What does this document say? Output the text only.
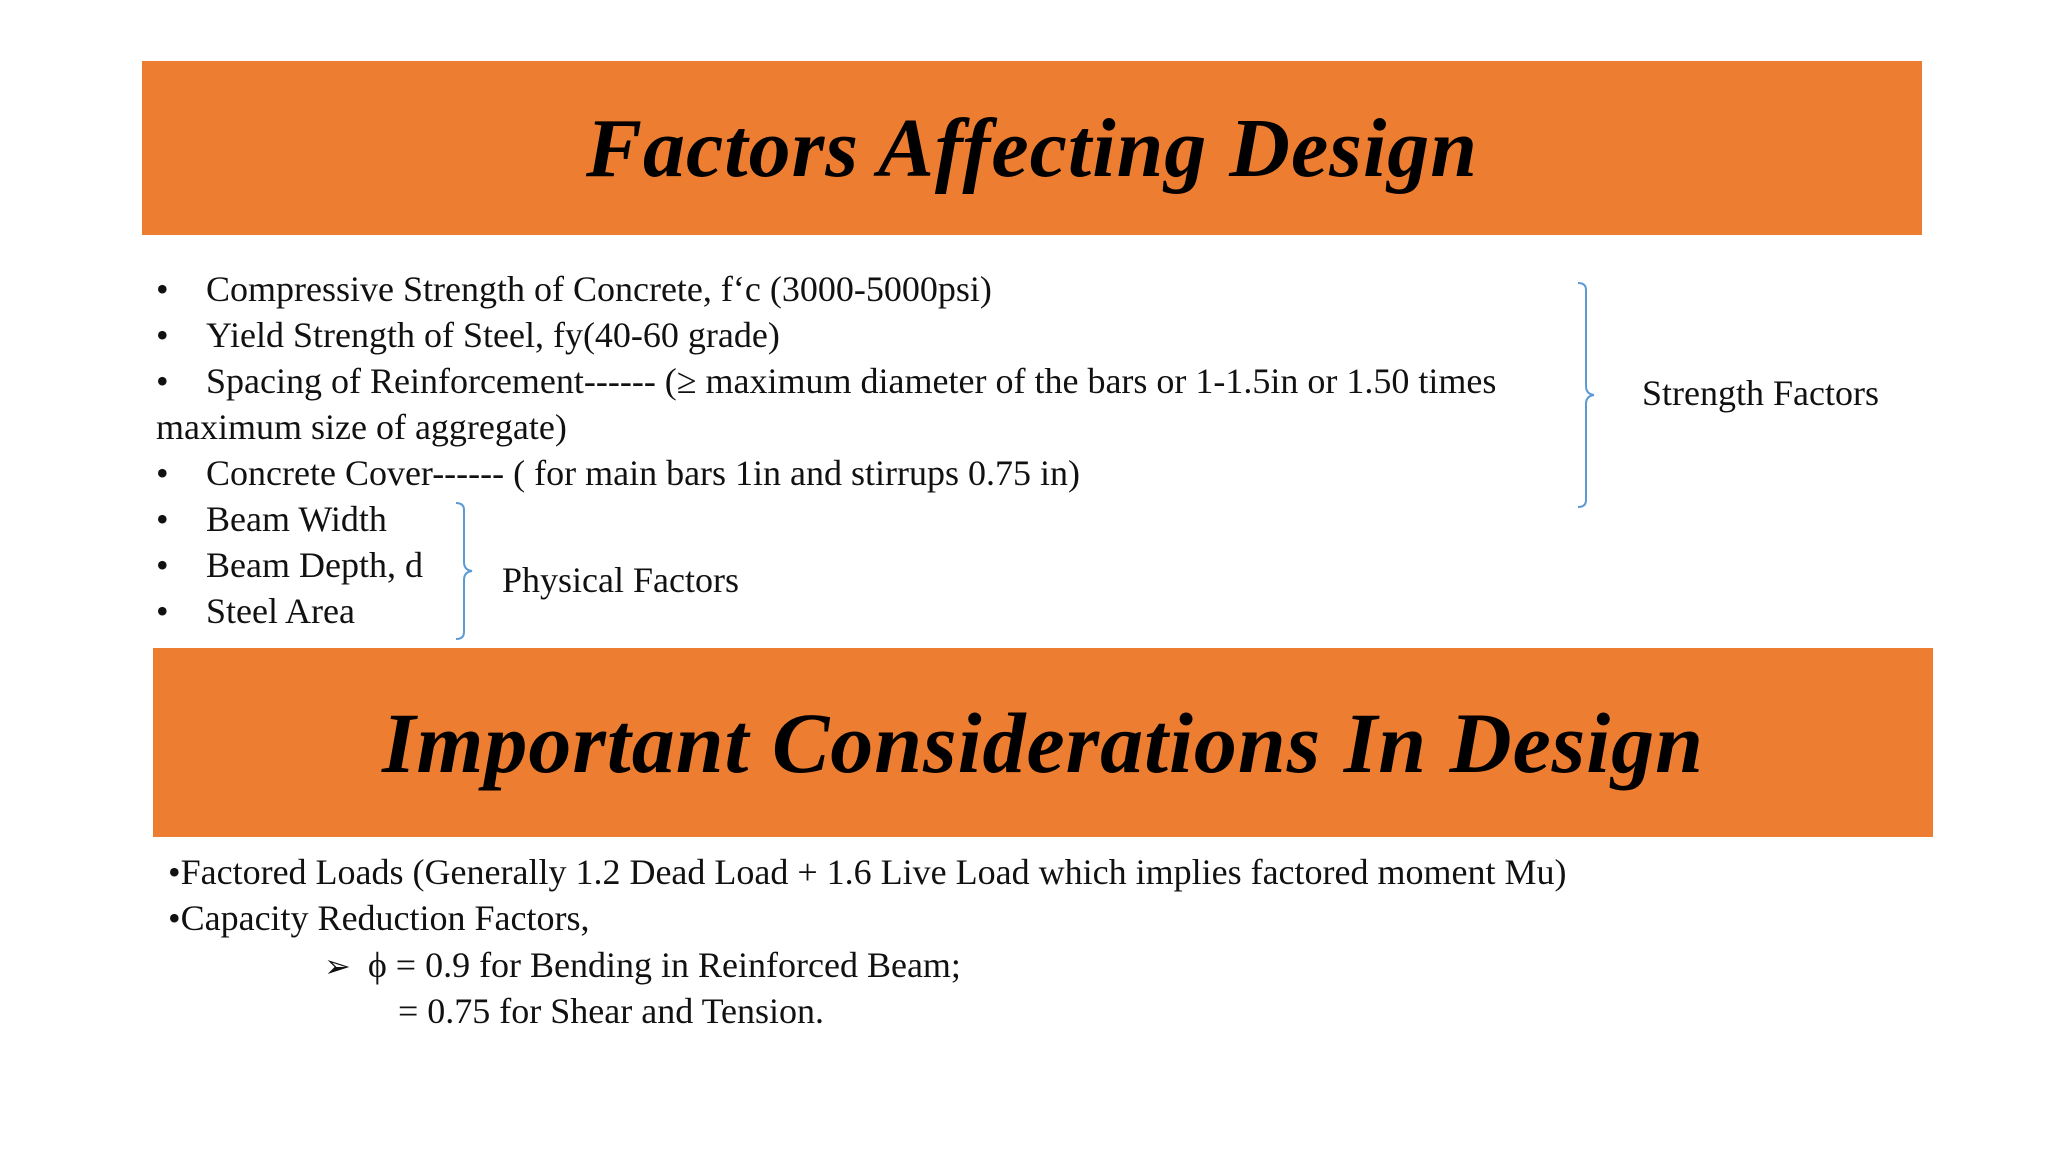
Factors Affecting Design
• Compressive Strength of Concrete, f‘c (3000-5000psi)
• Yield Strength of Steel, fy(40-60 grade)
• Spacing of Reinforcement------ (≥ maximum diameter of the bars or 1-1.5in or 1.50 times
maximum size of aggregate)
• Concrete Cover------ ( for main bars 1in and stirrups 0.75 in)
• Beam Width
• Beam Depth, d
• Steel Area
Strength Factors
Physical Factors
Important Considerations In Design
•Factored Loads (Generally 1.2 Dead Load + 1.6 Live Load which implies factored moment Mu)
•Capacity Reduction Factors,
➢ ϕ = 0.9 for Bending in Reinforced Beam;
= 0.75 for Shear and Tension.
